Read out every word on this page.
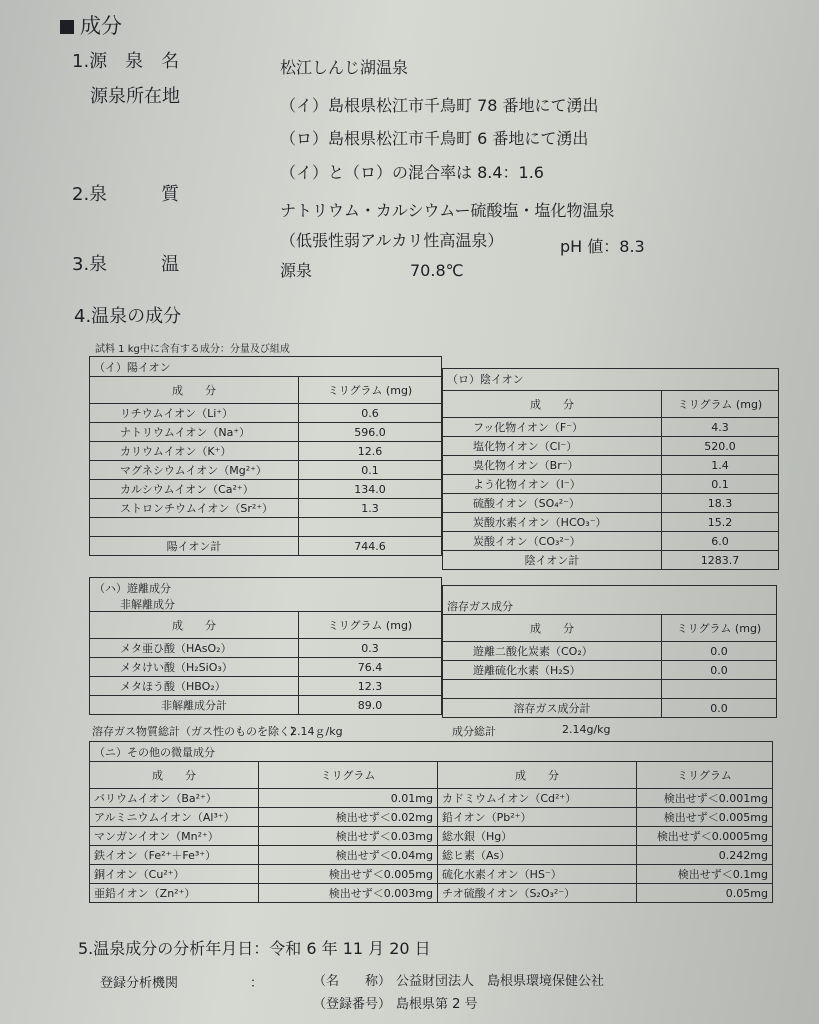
成分
1.源　泉　名	松江しんじ湖温泉
源泉所在地	（イ）島根県松江市千鳥町 78 番地にて湧出
（ロ）島根県松江市千鳥町 6 番地にて湧出
（イ）と（ロ）の混合率は 8.4：1.6
2.泉　　　質
ナトリウム・カルシウムー硫酸塩・塩化物温泉
（低張性弱アルカリ性高温泉）	pH 値：8.3
3.泉　　　温	源泉	70.8℃
4.温泉の成分
試料 1 kg中に含有する成分：分量及び組成
（イ）陽イオン
成　　分	ミリグラム (mg)
リチウムイオン（Li⁺）	0.6
ナトリウムイオン（Na⁺）	596.0
カリウムイオン（K⁺）	12.6
マグネシウムイオン（Mg²⁺）	0.1
カルシウムイオン（Ca²⁺）	134.0
ストロンチウムイオン（Sr²⁺）	1.3

陽イオン計	744.6
（ロ）陰イオン
成　　分	ミリグラム (mg)
フッ化物イオン（F⁻）	4.3
塩化物イオン（Cl⁻）	520.0
臭化物イオン（Br⁻）	1.4
よう化物イオン（I⁻）	0.1
硫酸イオン（SO₄²⁻）	18.3
炭酸水素イオン（HCO₃⁻）	15.2
炭酸イオン（CO₃²⁻）	6.0
陰イオン計	1283.7
（ハ）遊離成分
非解離成分
成　　分	ミリグラム (mg)
メタ亜ひ酸（HAsO₂）	0.3
メタけい酸（H₂SiO₃）	76.4
メタほう酸（HBO₂）	12.3
非解離成分計	89.0
溶存ガス成分
成　　分	ミリグラム (mg)
遊離二酸化炭素（CO₂）	0.0
遊離硫化水素（H₂S）	0.0

溶存ガス成分計	0.0
溶存ガス物質総計（ガス性のものを除く）
2.14ｇ/kg	成分総計	2.14g/kg
（ニ）その他の微量成分
成　　分	ミリグラム	成　　分	ミリグラム
バリウムイオン（Ba²⁺）	0.01mg	カドミウムイオン（Cd²⁺）	検出せず＜0.001mg
アルミニウムイオン（Al³⁺）	検出せず＜0.02mg	鉛イオン（Pb²⁺）	検出せず＜0.005mg
マンガンイオン（Mn²⁺）	検出せず＜0.03mg	総水銀（Hg）	検出せず＜0.0005mg
鉄イオン（Fe²⁺＋Fe³⁺）	検出せず＜0.04mg	総ヒ素（As）	0.242mg
銅イオン（Cu²⁺）	検出せず＜0.005mg	硫化水素イオン（HS⁻）	検出せず＜0.1mg
亜鉛イオン（Zn²⁺）	検出せず＜0.003mg	チオ硫酸イオン（S₂O₃²⁻）	0.05mg
5.温泉成分の分析年月日：令和 6 年 11 月 20 日
登録分析機関	：	（名　　称） 公益財団法人　島根県環境保健公社
（登録番号） 島根県第 2 号
